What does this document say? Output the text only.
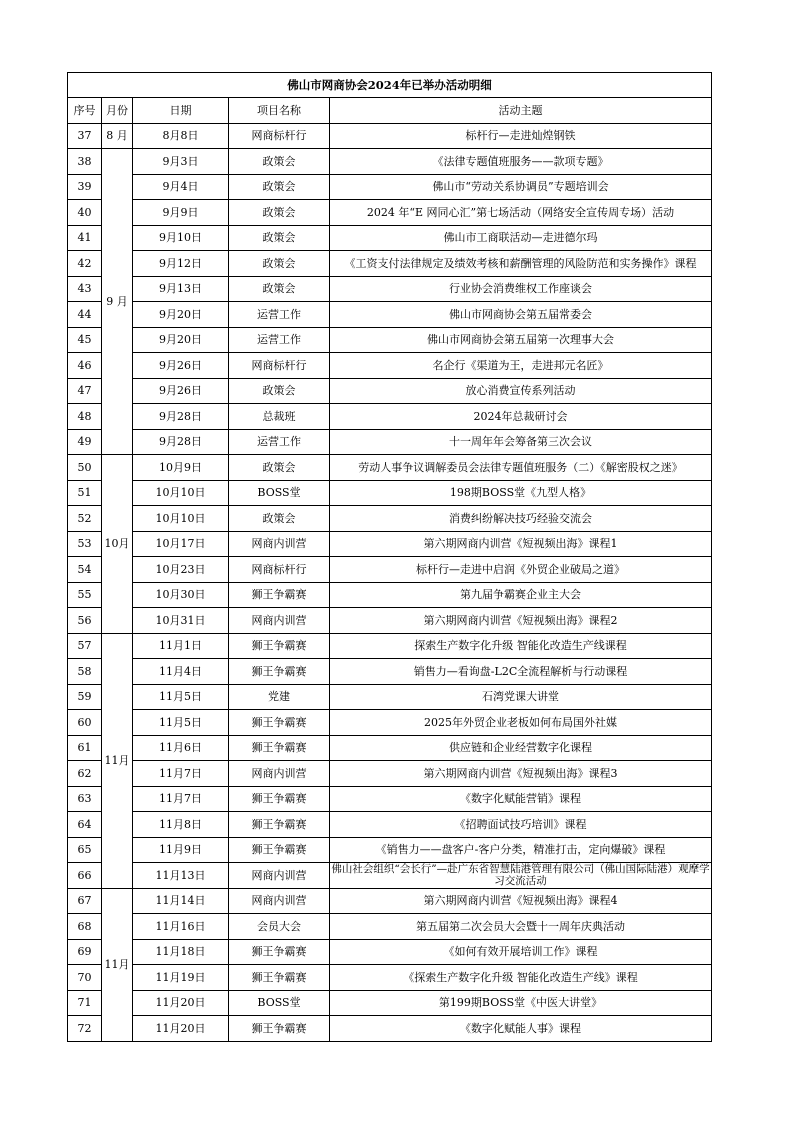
佛山市网商协会2024年已举办活动明细				
序号	月份	日期	项目名称	活动主题
37	8 月	8月8日	网商标杆行	标杆行—走进灿煌钢铁
38	9 月	9月3日	政策会	《法律专题值班服务——款项专题》
39		9月4日	政策会	佛山市“劳动关系协调员”专题培训会
40		9月9日	政策会	2024 年“E 网同心汇”第七场活动（网络安全宣传周专场）活动
41		9月10日	政策会	佛山市工商联活动—走进德尔玛
42		9月12日	政策会	《工资支付法律规定及绩效考核和薪酬管理的风险防范和实务操作》课程
43		9月13日	政策会	行业协会消费维权工作座谈会
44		9月20日	运营工作	佛山市网商协会第五届常委会
45		9月20日	运营工作	佛山市网商协会第五届第一次理事大会
46		9月26日	网商标杆行	名企行《渠道为王，走进邦元名匠》
47		9月26日	政策会	放心消费宣传系列活动
48		9月28日	总裁班	2024年总裁研讨会
49		9月28日	运营工作	十一周年年会筹备第三次会议
50	10月	10月9日	政策会	劳动人事争议调解委员会法律专题值班服务（二）《解密股权之迷》
51		10月10日	BOSS堂	198期BOSS堂《九型人格》
52		10月10日	政策会	消费纠纷解决技巧经验交流会
53		10月17日	网商内训营	第六期网商内训营《短视频出海》课程1
54		10月23日	网商标杆行	标杆行—走进中启润《外贸企业破局之道》
55		10月30日	狮王争霸赛	第九届争霸赛企业主大会
56		10月31日	网商内训营	第六期网商内训营《短视频出海》课程2
57	11月	11月1日	狮王争霸赛	探索生产数字化升级 智能化改造生产线课程
58		11月4日	狮王争霸赛	销售力—看询盘-L2C全流程解析与行动课程
59		11月5日	党建	石湾党课大讲堂
60		11月5日	狮王争霸赛	2025年外贸企业老板如何布局国外社媒
61		11月6日	狮王争霸赛	供应链和企业经营数字化课程
62		11月7日	网商内训营	第六期网商内训营《短视频出海》课程3
63		11月7日	狮王争霸赛	《数字化赋能营销》课程
64		11月8日	狮王争霸赛	《招聘面试技巧培训》课程
65		11月9日	狮王争霸赛	《销售力——盘客户-客户分类，精准打击，定向爆破》课程
66		11月13日	网商内训营	佛山社会组织“会长行”—赴广东省智慧陆港管理有限公司（佛山国际陆港）观摩学习交流活动
67	11月	11月14日	网商内训营	第六期网商内训营《短视频出海》课程4
68		11月16日	会员大会	第五届第二次会员大会暨十一周年庆典活动
69		11月18日	狮王争霸赛	《如何有效开展培训工作》课程
70		11月19日	狮王争霸赛	《探索生产数字化升级 智能化改造生产线》课程
71		11月20日	BOSS堂	第199期BOSS堂《中医大讲堂》
72		11月20日	狮王争霸赛	《数字化赋能人事》课程
